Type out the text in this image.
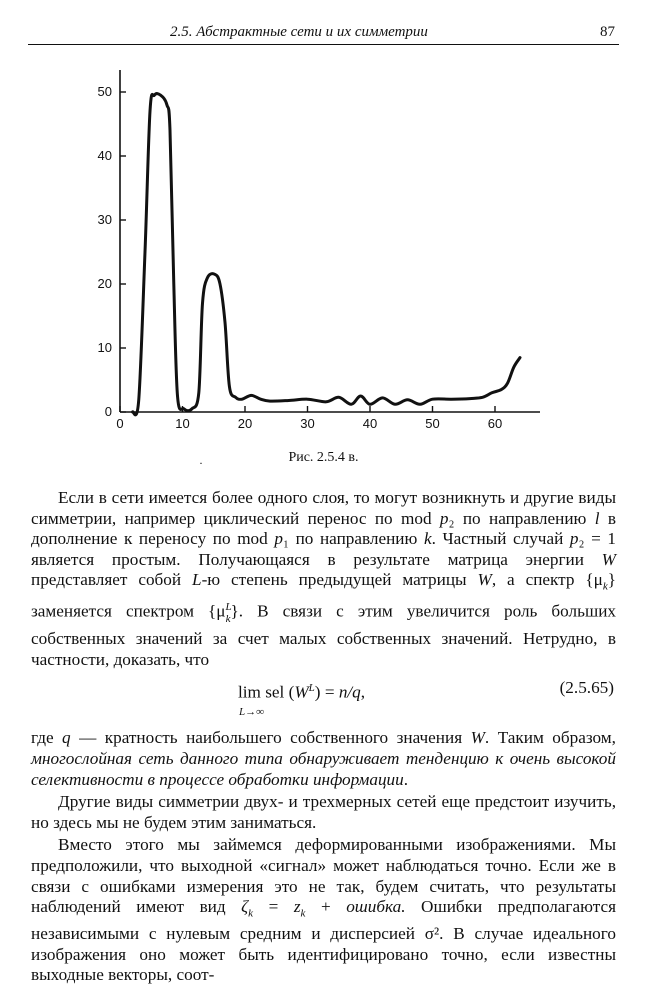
2.5. Абстрактные сети и их симметрии	87
0
10
20
30
40
50
0	10	20	30	40	50	60
Рис. 2.5.4 в.
·

Если в сети имеется более одного слоя, то могут возникнуть и другие виды симметрии, например циклический перенос по mod p₂ по направлению l в дополнение к переносу по mod p₁ по направлению k. Частный случай p₂ = 1 является простым. Получающаяся в результате матрица энергии W представляет собой L-ю степень предыдущей матрицы W, а спектр $\{\mu_k\}$ заменяется спектром $\{\mu^L_k\}$. В связи с этим увеличится роль больших собственных значений за счет малых собственных значений. Нетрудно, в частности, доказать, что

lim sel $(W^L) = n/q$,
L→∞
(2.5.65)

где q — кратность наибольшего собственного значения W. Таким образом, многослойная сеть данного типа обнаруживает тенденцию к очень высокой селективности в процессе обработки информации.

Другие виды симметрии двух- и трехмерных сетей еще предстоит изучить, но здесь мы не будем этим заниматься.

Вместо этого мы займемся деформированными изображениями. Мы предположили, что выходной «сигнал» может наблюдаться точно. Если же в связи с ошибками измерения это не так, будем считать, что результаты наблюдений имеют вид $\zeta_k = z_k$ + ошибка. Ошибки предполагаются независимыми с нулевым средним и дисперсией σ². В случае идеального изображения оно может быть идентифицировано точно, если известны выходные векторы, соот-
